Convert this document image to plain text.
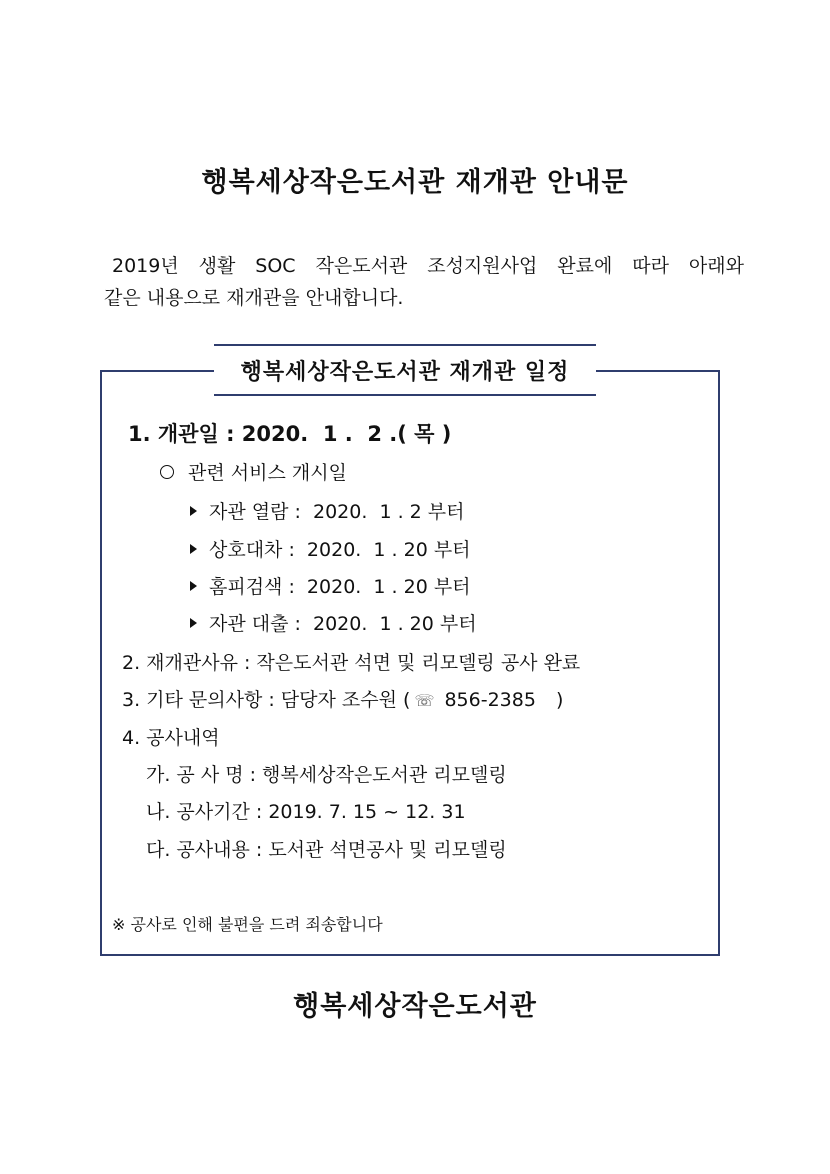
행복세상작은도서관 재개관 안내문
2019년 생활 SOC 작은도서관 조성지원사업 완료에 따라 아래와
같은 내용으로 재개관을 안내합니다.
행복세상작은도서관 재개관 일정
1. 개관일 : 2020.  1 .  2 .( 목 )
관련 서비스 개시일
자관 열람 :  2020.  1 . 2 부터
상호대차 :  2020.  1 . 20 부터
홈피검색 :  2020.  1 . 20 부터
자관 대출 :  2020.  1 . 20 부터
2. 재개관사유 : 작은도서관 석면 및 리모델링 공사 완료
3. 기타 문의사항 : 담당자 조수원 ( ☏ 856-2385 )
4. 공사내역
가. 공 사 명 : 행복세상작은도서관 리모델링
나. 공사기간 : 2019. 7. 15 ~ 12. 31
다. 공사내용 : 도서관 석면공사 및 리모델링
※ 공사로 인해 불편을 드려 죄송합니다
행복세상작은도서관
